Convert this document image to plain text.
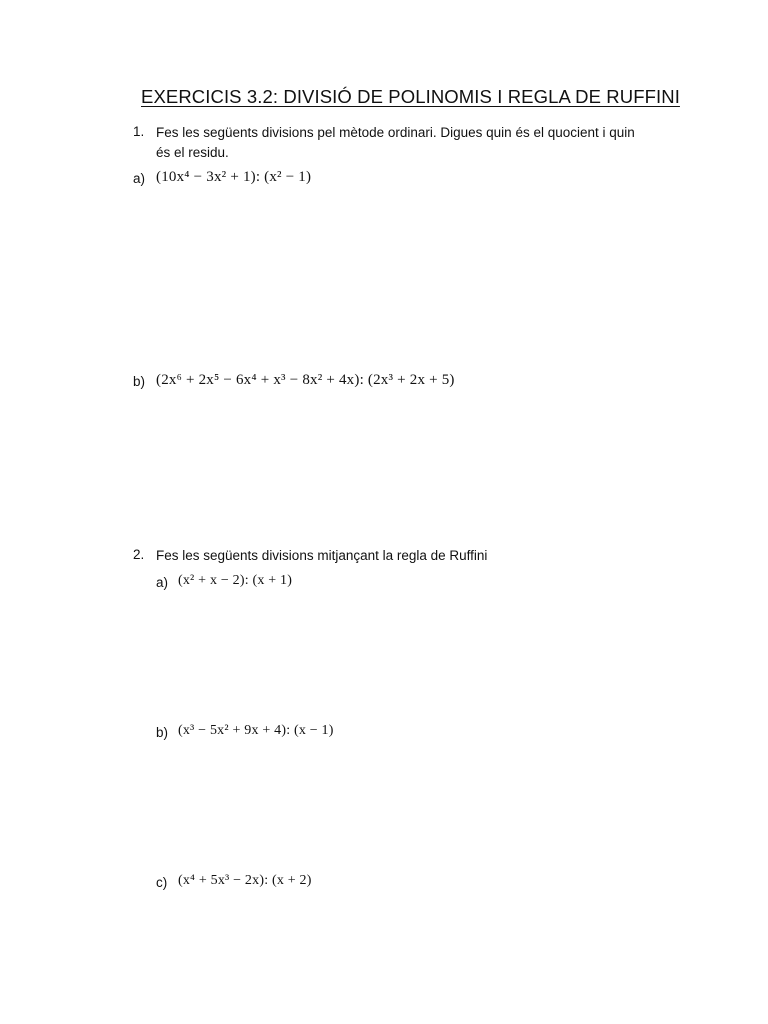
EXERCICIS 3.2: DIVISIÓ DE POLINOMIS I REGLA DE RUFFINI
1. Fes les següents divisions pel mètode ordinari. Digues quin és el quocient i quin
és el residu.
a) (10x⁴ − 3x² + 1): (x² − 1)
b) (2x⁶ + 2x⁵ − 6x⁴ + x³ − 8x² + 4x): (2x³ + 2x + 5)
2. Fes les següents divisions mitjançant la regla de Ruffini
a) (x² + x − 2): (x + 1)
b) (x³ − 5x² + 9x + 4): (x − 1)
c) (x⁴ + 5x³ − 2x): (x + 2)
